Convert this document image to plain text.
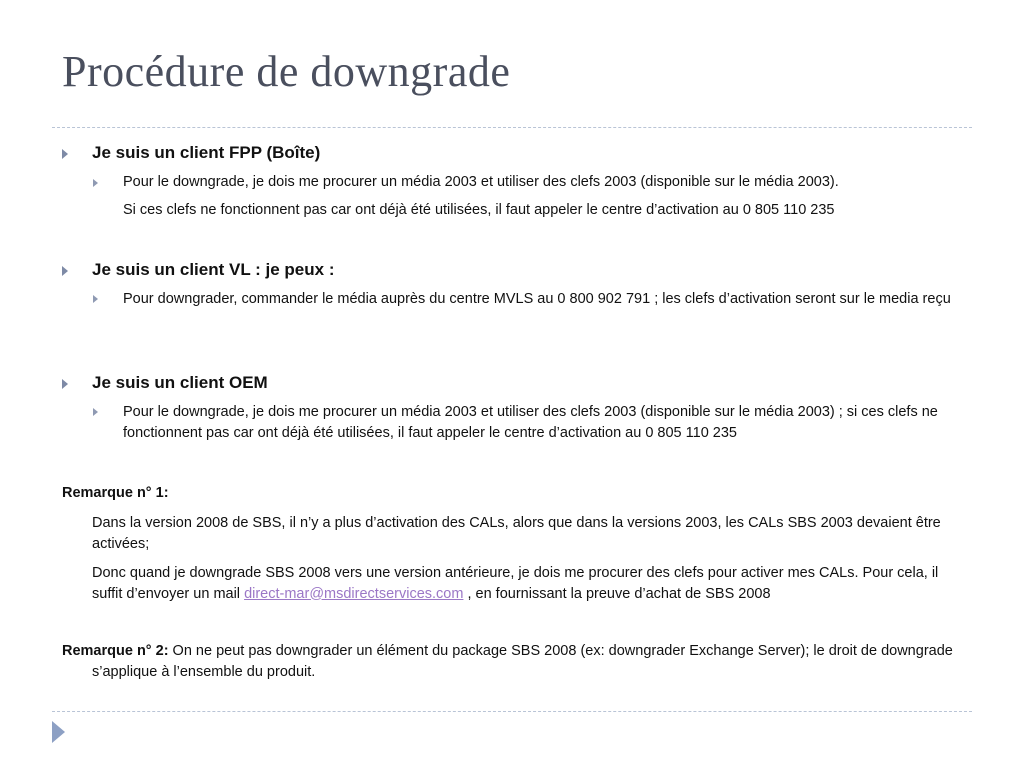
Procédure de downgrade
Je suis un client FPP (Boîte)
Pour le downgrade, je dois me procurer un média 2003 et utiliser des clefs 2003 (disponible sur le média 2003).
Si ces clefs ne fonctionnent pas car ont déjà été utilisées, il faut appeler le centre d’activation au 0 805 110 235
Je suis un client VL : je peux :
Pour downgrader, commander le média auprès du centre MVLS au 0 800 902 791 ; les clefs d’activation seront sur le media reçu
Je suis un client OEM
Pour le downgrade, je dois me procurer un média 2003 et utiliser des clefs 2003 (disponible sur le média 2003) ; si ces clefs ne fonctionnent pas car ont déjà été utilisées, il faut appeler le centre d’activation au 0 805 110 235
Remarque n° 1:
Dans la version 2008 de SBS, il n’y a plus d’activation des CALs, alors que dans la versions 2003, les CALs SBS 2003 devaient être activées;
Donc quand je downgrade SBS 2008 vers une version antérieure, je dois me procurer des clefs pour activer mes CALs. Pour cela, il suffit d’envoyer un mail direct-mar@msdirectservices.com , en fournissant la preuve d’achat de SBS 2008
Remarque n° 2: On ne peut pas downgrader un élément du package SBS 2008 (ex: downgrader Exchange Server); le droit de downgrade s’applique à l’ensemble du produit.
